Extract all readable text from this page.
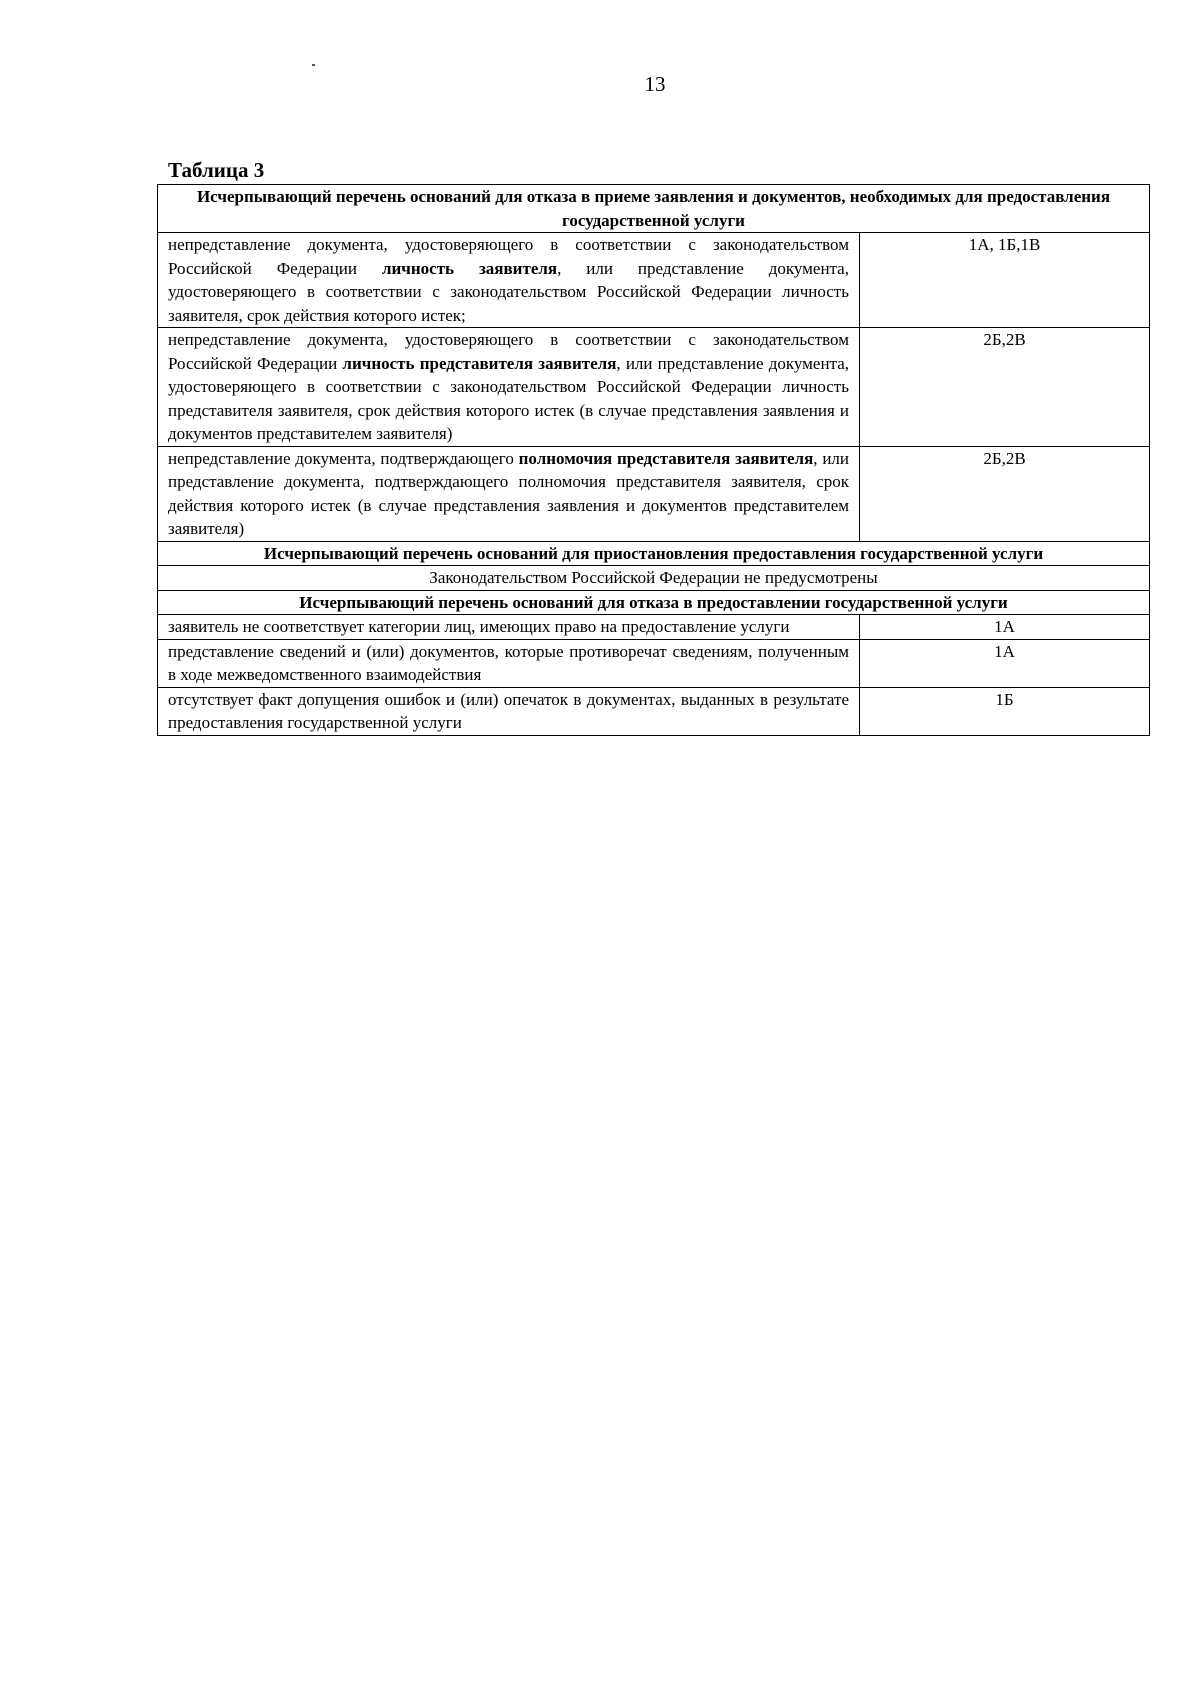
13
Таблица 3
Исчерпывающий перечень оснований для отказа в приеме заявления и документов, необходимых для предоставления государственной услуги	
непредставление документа, удостоверяющего в соответствии с законодательством Российской Федерации личность заявителя, или представление документа, удостоверяющего в соответствии с законодательством Российской Федерации личность заявителя, срок действия которого истек;	1А, 1Б,1В
непредставление документа, удостоверяющего в соответствии с законодательством Российской Федерации личность представителя заявителя, или представление документа, удостоверяющего в соответствии с законодательством Российской Федерации личность представителя заявителя, срок действия которого истек (в случае представления заявления и документов представителем заявителя)	2Б,2В
непредставление документа, подтверждающего полномочия представителя заявителя, или представление документа, подтверждающего полномочия представителя заявителя, срок действия которого истек (в случае представления заявления и документов представителем заявителя)	2Б,2В
Исчерпывающий перечень оснований для приостановления предоставления государственной услуги	
Законодательством Российской Федерации не предусмотрены	
Исчерпывающий перечень оснований для отказа в предоставлении государственной услуги	
заявитель не соответствует категории лиц, имеющих право на предоставление услуги	1А
представление сведений и (или) документов, которые противоречат сведениям, полученным в ходе межведомственного взаимодействия	1А
отсутствует факт допущения ошибок и (или) опечаток в документах, выданных в результате предоставления государственной услуги	1Б
